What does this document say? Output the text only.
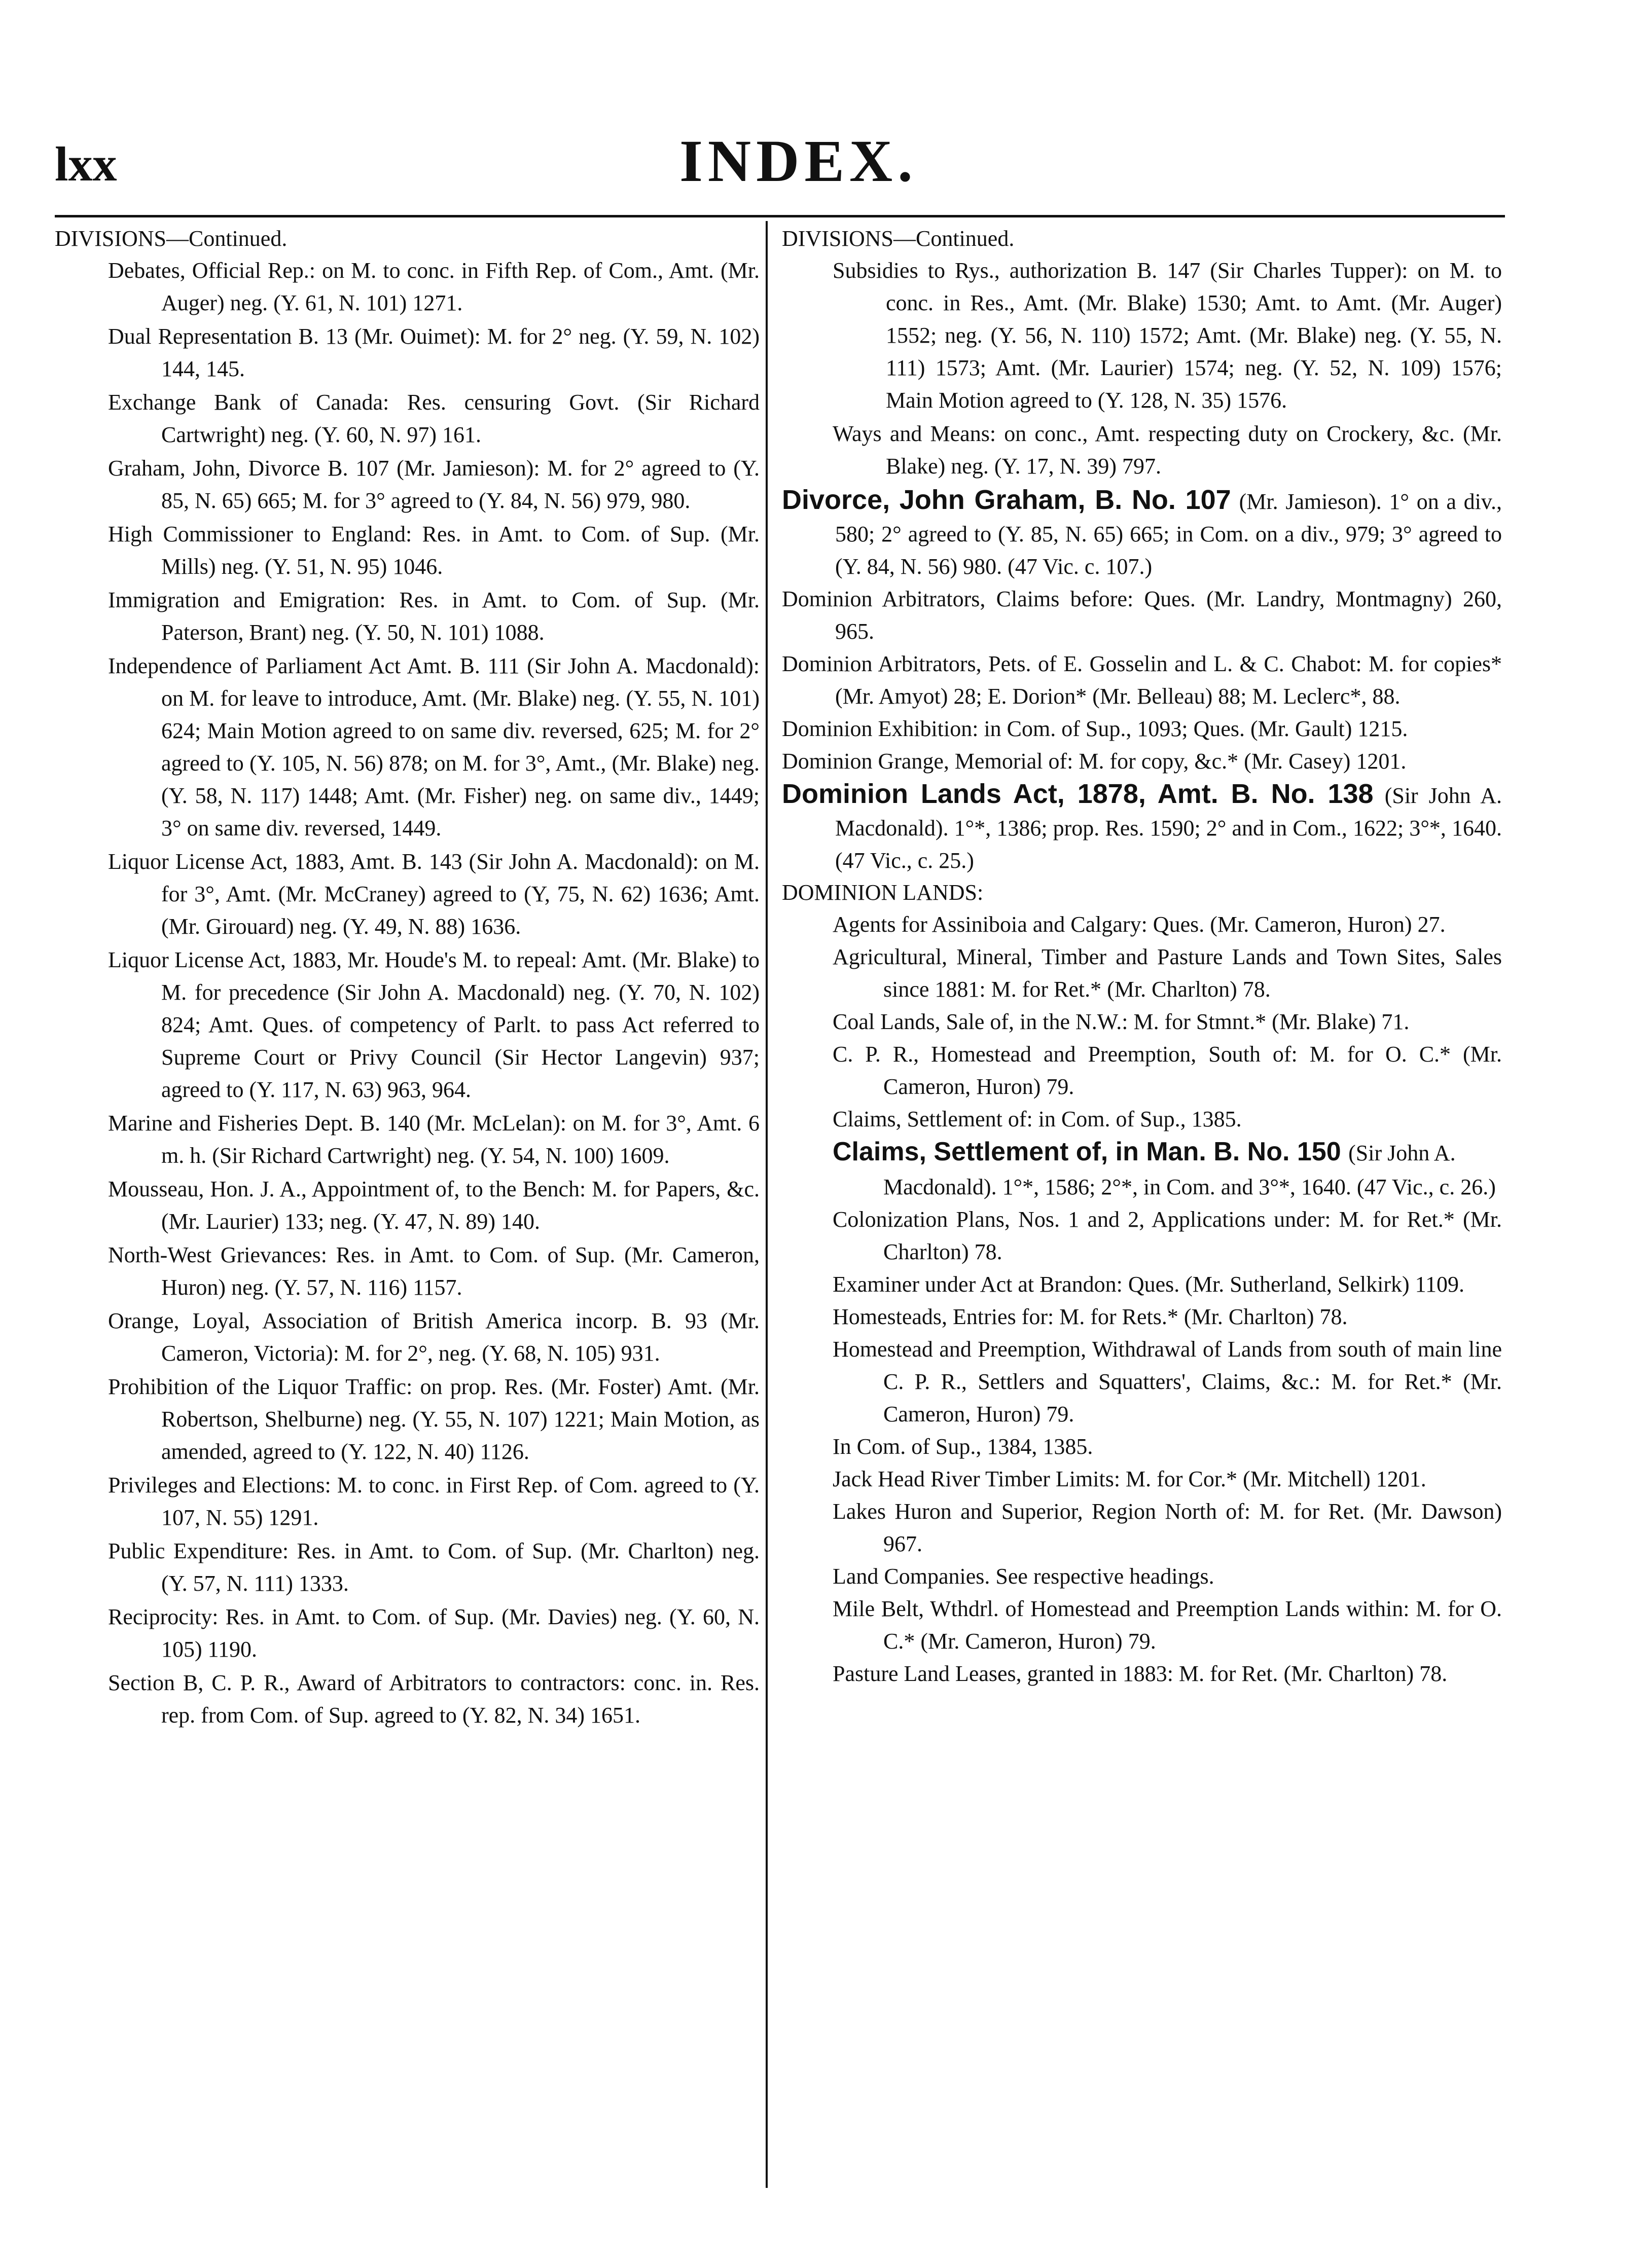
lxx	INDEX.
DIVISIONS—Continued.
Debates, Official Rep.: on M. to conc. in Fifth Rep. of Com., Amt. (Mr. Auger) neg. (Y. 61, N. 101) 1271.
Dual Representation B. 13 (Mr. Ouimet): M. for 2° neg. (Y. 59, N. 102) 144, 145.
Exchange Bank of Canada: Res. censuring Govt. (Sir Richard Cartwright) neg. (Y. 60, N. 97) 161.
Graham, John, Divorce B. 107 (Mr. Jamieson): M. for 2° agreed to (Y. 85, N. 65) 665; M. for 3° agreed to (Y. 84, N. 56) 979, 980.
High Commissioner to England: Res. in Amt. to Com. of Sup. (Mr. Mills) neg. (Y. 51, N. 95) 1046.
Immigration and Emigration: Res. in Amt. to Com. of Sup. (Mr. Paterson, Brant) neg. (Y. 50, N. 101) 1088.
Independence of Parliament Act Amt. B. 111 (Sir John A. Macdonald): on M. for leave to introduce, Amt. (Mr. Blake) neg. (Y. 55, N. 101) 624; Main Motion agreed to on same div. reversed, 625; M. for 2° agreed to (Y. 105, N. 56) 878; on M. for 3°, Amt., (Mr. Blake) neg. (Y. 58, N. 117) 1448; Amt. (Mr. Fisher) neg. on same div., 1449; 3° on same div. reversed, 1449.
Liquor License Act, 1883, Amt. B. 143 (Sir John A. Macdonald): on M. for 3°, Amt. (Mr. McCraney) agreed to (Y, 75, N. 62) 1636; Amt. (Mr. Girouard) neg. (Y. 49, N. 88) 1636.
Liquor License Act, 1883, Mr. Houde's M. to repeal: Amt. (Mr. Blake) to M. for precedence (Sir John A. Macdonald) neg. (Y. 70, N. 102) 824; Amt. Ques. of competency of Parlt. to pass Act referred to Supreme Court or Privy Council (Sir Hector Langevin) 937; agreed to (Y. 117, N. 63) 963, 964.
Marine and Fisheries Dept. B. 140 (Mr. McLelan): on M. for 3°, Amt. 6 m. h. (Sir Richard Cartwright) neg. (Y. 54, N. 100) 1609.
Mousseau, Hon. J. A., Appointment of, to the Bench: M. for Papers, &c. (Mr. Laurier) 133; neg. (Y. 47, N. 89) 140.
North-West Grievances: Res. in Amt. to Com. of Sup. (Mr. Cameron, Huron) neg. (Y. 57, N. 116) 1157.
Orange, Loyal, Association of British America incorp. B. 93 (Mr. Cameron, Victoria): M. for 2°, neg. (Y. 68, N. 105) 931.
Prohibition of the Liquor Traffic: on prop. Res. (Mr. Foster) Amt. (Mr. Robertson, Shelburne) neg. (Y. 55, N. 107) 1221; Main Motion, as amended, agreed to (Y. 122, N. 40) 1126.
Privileges and Elections: M. to conc. in First Rep. of Com. agreed to (Y. 107, N. 55) 1291.
Public Expenditure: Res. in Amt. to Com. of Sup. (Mr. Charlton) neg. (Y. 57, N. 111) 1333.
Reciprocity: Res. in Amt. to Com. of Sup. (Mr. Davies) neg. (Y. 60, N. 105) 1190.
Section B, C. P. R., Award of Arbitrators to contractors: conc. in. Res. rep. from Com. of Sup. agreed to (Y. 82, N. 34) 1651.
DIVISIONS—Continued.
Subsidies to Rys., authorization B. 147 (Sir Charles Tupper): on M. to conc. in Res., Amt. (Mr. Blake) 1530; Amt. to Amt. (Mr. Auger) 1552; neg. (Y. 56, N. 110) 1572; Amt. (Mr. Blake) neg. (Y. 55, N. 111) 1573; Amt. (Mr. Laurier) 1574; neg. (Y. 52, N. 109) 1576; Main Motion agreed to (Y. 128, N. 35) 1576.
Ways and Means: on conc., Amt. respecting duty on Crockery, &c. (Mr. Blake) neg. (Y. 17, N. 39) 797.
Divorce, John Graham, B. No. 107 (Mr. Jamieson). 1° on a div., 580; 2° agreed to (Y. 85, N. 65) 665; in Com. on a div., 979; 3° agreed to (Y. 84, N. 56) 980. (47 Vic. c. 107.)
Dominion Arbitrators, Claims before: Ques. (Mr. Landry, Montmagny) 260, 965.
Dominion Arbitrators, Pets. of E. Gosselin and L. & C. Chabot: M. for copies* (Mr. Amyot) 28; E. Dorion* (Mr. Belleau) 88; M. Leclerc*, 88.
Dominion Exhibition: in Com. of Sup., 1093; Ques. (Mr. Gault) 1215.
Dominion Grange, Memorial of: M. for copy, &c.* (Mr. Casey) 1201.
Dominion Lands Act, 1878, Amt. B. No. 138 (Sir John A. Macdonald). 1°*, 1386; prop. Res. 1590; 2° and in Com., 1622; 3°*, 1640. (47 Vic., c. 25.)
DOMINION LANDS:
Agents for Assiniboia and Calgary: Ques. (Mr. Cameron, Huron) 27.
Agricultural, Mineral, Timber and Pasture Lands and Town Sites, Sales since 1881: M. for Ret.* (Mr. Charlton) 78.
Coal Lands, Sale of, in the N.W.: M. for Stmnt.* (Mr. Blake) 71.
C. P. R., Homestead and Preemption, South of: M. for O. C.* (Mr. Cameron, Huron) 79.
Claims, Settlement of: in Com. of Sup., 1385.
Claims, Settlement of, in Man. B. No. 150 (Sir John A. Macdonald). 1°*, 1586; 2°*, in Com. and 3°*, 1640. (47 Vic., c. 26.)
Colonization Plans, Nos. 1 and 2, Applications under: M. for Ret.* (Mr. Charlton) 78.
Examiner under Act at Brandon: Ques. (Mr. Sutherland, Selkirk) 1109.
Homesteads, Entries for: M. for Rets.* (Mr. Charlton) 78.
Homestead and Preemption, Withdrawal of Lands from south of main line C. P. R., Settlers and Squatters', Claims, &c.: M. for Ret.* (Mr. Cameron, Huron) 79.
In Com. of Sup., 1384, 1385.
Jack Head River Timber Limits: M. for Cor.* (Mr. Mitchell) 1201.
Lakes Huron and Superior, Region North of: M. for Ret. (Mr. Dawson) 967.
Land Companies. See respective headings.
Mile Belt, Wthdrl. of Homestead and Preemption Lands within: M. for O. C.* (Mr. Cameron, Huron) 79.
Pasture Land Leases, granted in 1883: M. for Ret. (Mr. Charlton) 78.
